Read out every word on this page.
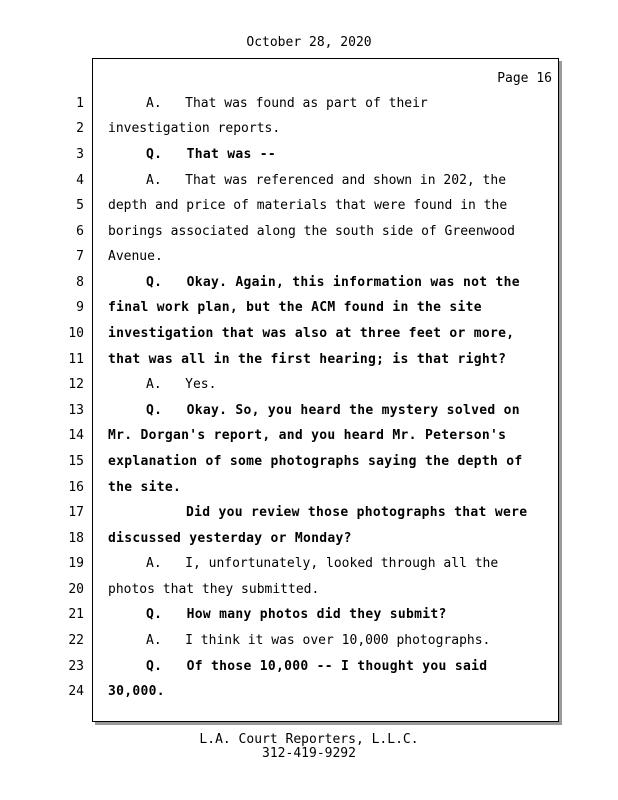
October 28, 2020
Page 16
1
2
3
4
5
6
7
8
9
10
11
12
13
14
15
16
17
18
19
20
21
22
23
24
A.   That was found as part of their
investigation reports.
Q.   That was --
A.   That was referenced and shown in 202, the
depth and price of materials that were found in the
borings associated along the south side of Greenwood
Avenue.
Q.   Okay. Again, this information was not the
final work plan, but the ACM found in the site
investigation that was also at three feet or more,
that was all in the first hearing; is that right?
A.   Yes.
Q.   Okay. So, you heard the mystery solved on
Mr. Dorgan's report, and you heard Mr. Peterson's
explanation of some photographs saying the depth of
the site.
Did you review those photographs that were
discussed yesterday or Monday?
A.   I, unfortunately, looked through all the
photos that they submitted.
Q.   How many photos did they submit?
A.   I think it was over 10,000 photographs.
Q.   Of those 10,000 -- I thought you said
30,000.
L.A. Court Reporters, L.L.C.
312-419-9292
